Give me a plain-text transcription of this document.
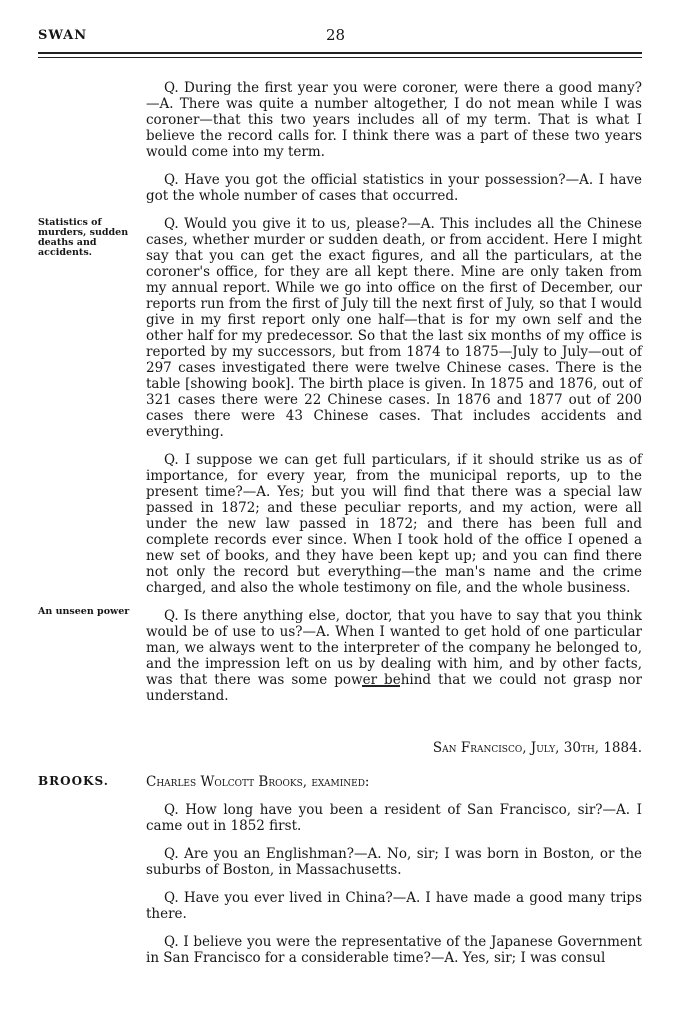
SWAN	28
Statistics of murders, sudden deaths and accidents.
An unseen power
BROOKS.

Q. During the first year you were coroner, were there a good many?—A. There was quite a number altogether, I do not mean while I was coroner—that this two years includes all of my term. That is what I believe the record calls for. I think there was a part of these two years would come into my term.

Q. Have you got the official statistics in your possession?—A. I have got the whole number of cases that occurred.

Q. Would you give it to us, please?—A. This includes all the Chinese cases, whether murder or sudden death, or from accident. Here I might say that you can get the exact figures, and all the particulars, at the coroner's office, for they are all kept there. Mine are only taken from my annual report. While we go into office on the first of December, our reports run from the first of July till the next first of July, so that I would give in my first report only one half—that is for my own self and the other half for my predecessor. So that the last six months of my office is reported by my successors, but from 1874 to 1875—July to July—out of 297 cases investigated there were twelve Chinese cases. There is the table [showing book]. The birth place is given. In 1875 and 1876, out of 321 cases there were 22 Chinese cases. In 1876 and 1877 out of 200 cases there were 43 Chinese cases. That includes accidents and everything.

Q. I suppose we can get full particulars, if it should strike us as of importance, for every year, from the municipal reports, up to the present time?—A. Yes; but you will find that there was a special law passed in 1872; and these peculiar reports, and my action, were all under the new law passed in 1872; and there has been full and complete records ever since. When I took hold of the office I opened a new set of books, and they have been kept up; and you can find there not only the record but everything—the man's name and the crime charged, and also the whole testimony on file, and the whole business.

Q. Is there anything else, doctor, that you have to say that you think would be of use to us?—A. When I wanted to get hold of one particular man, we always went to the interpreter of the company he belonged to, and the impression left on us by dealing with him, and by other facts, was that there was some power behind that we could not grasp nor understand.

San Francisco, July, 30th, 1884.

Charles Wolcott Brooks, examined:

Q. How long have you been a resident of San Francisco, sir?—A. I came out in 1852 first.

Q. Are you an Englishman?—A. No, sir; I was born in Boston, or the suburbs of Boston, in Massachusetts.

Q. Have you ever lived in China?—A. I have made a good many trips there.

Q. I believe you were the representative of the Japanese Government in San Francisco for a considerable time?—A. Yes, sir; I was consul
